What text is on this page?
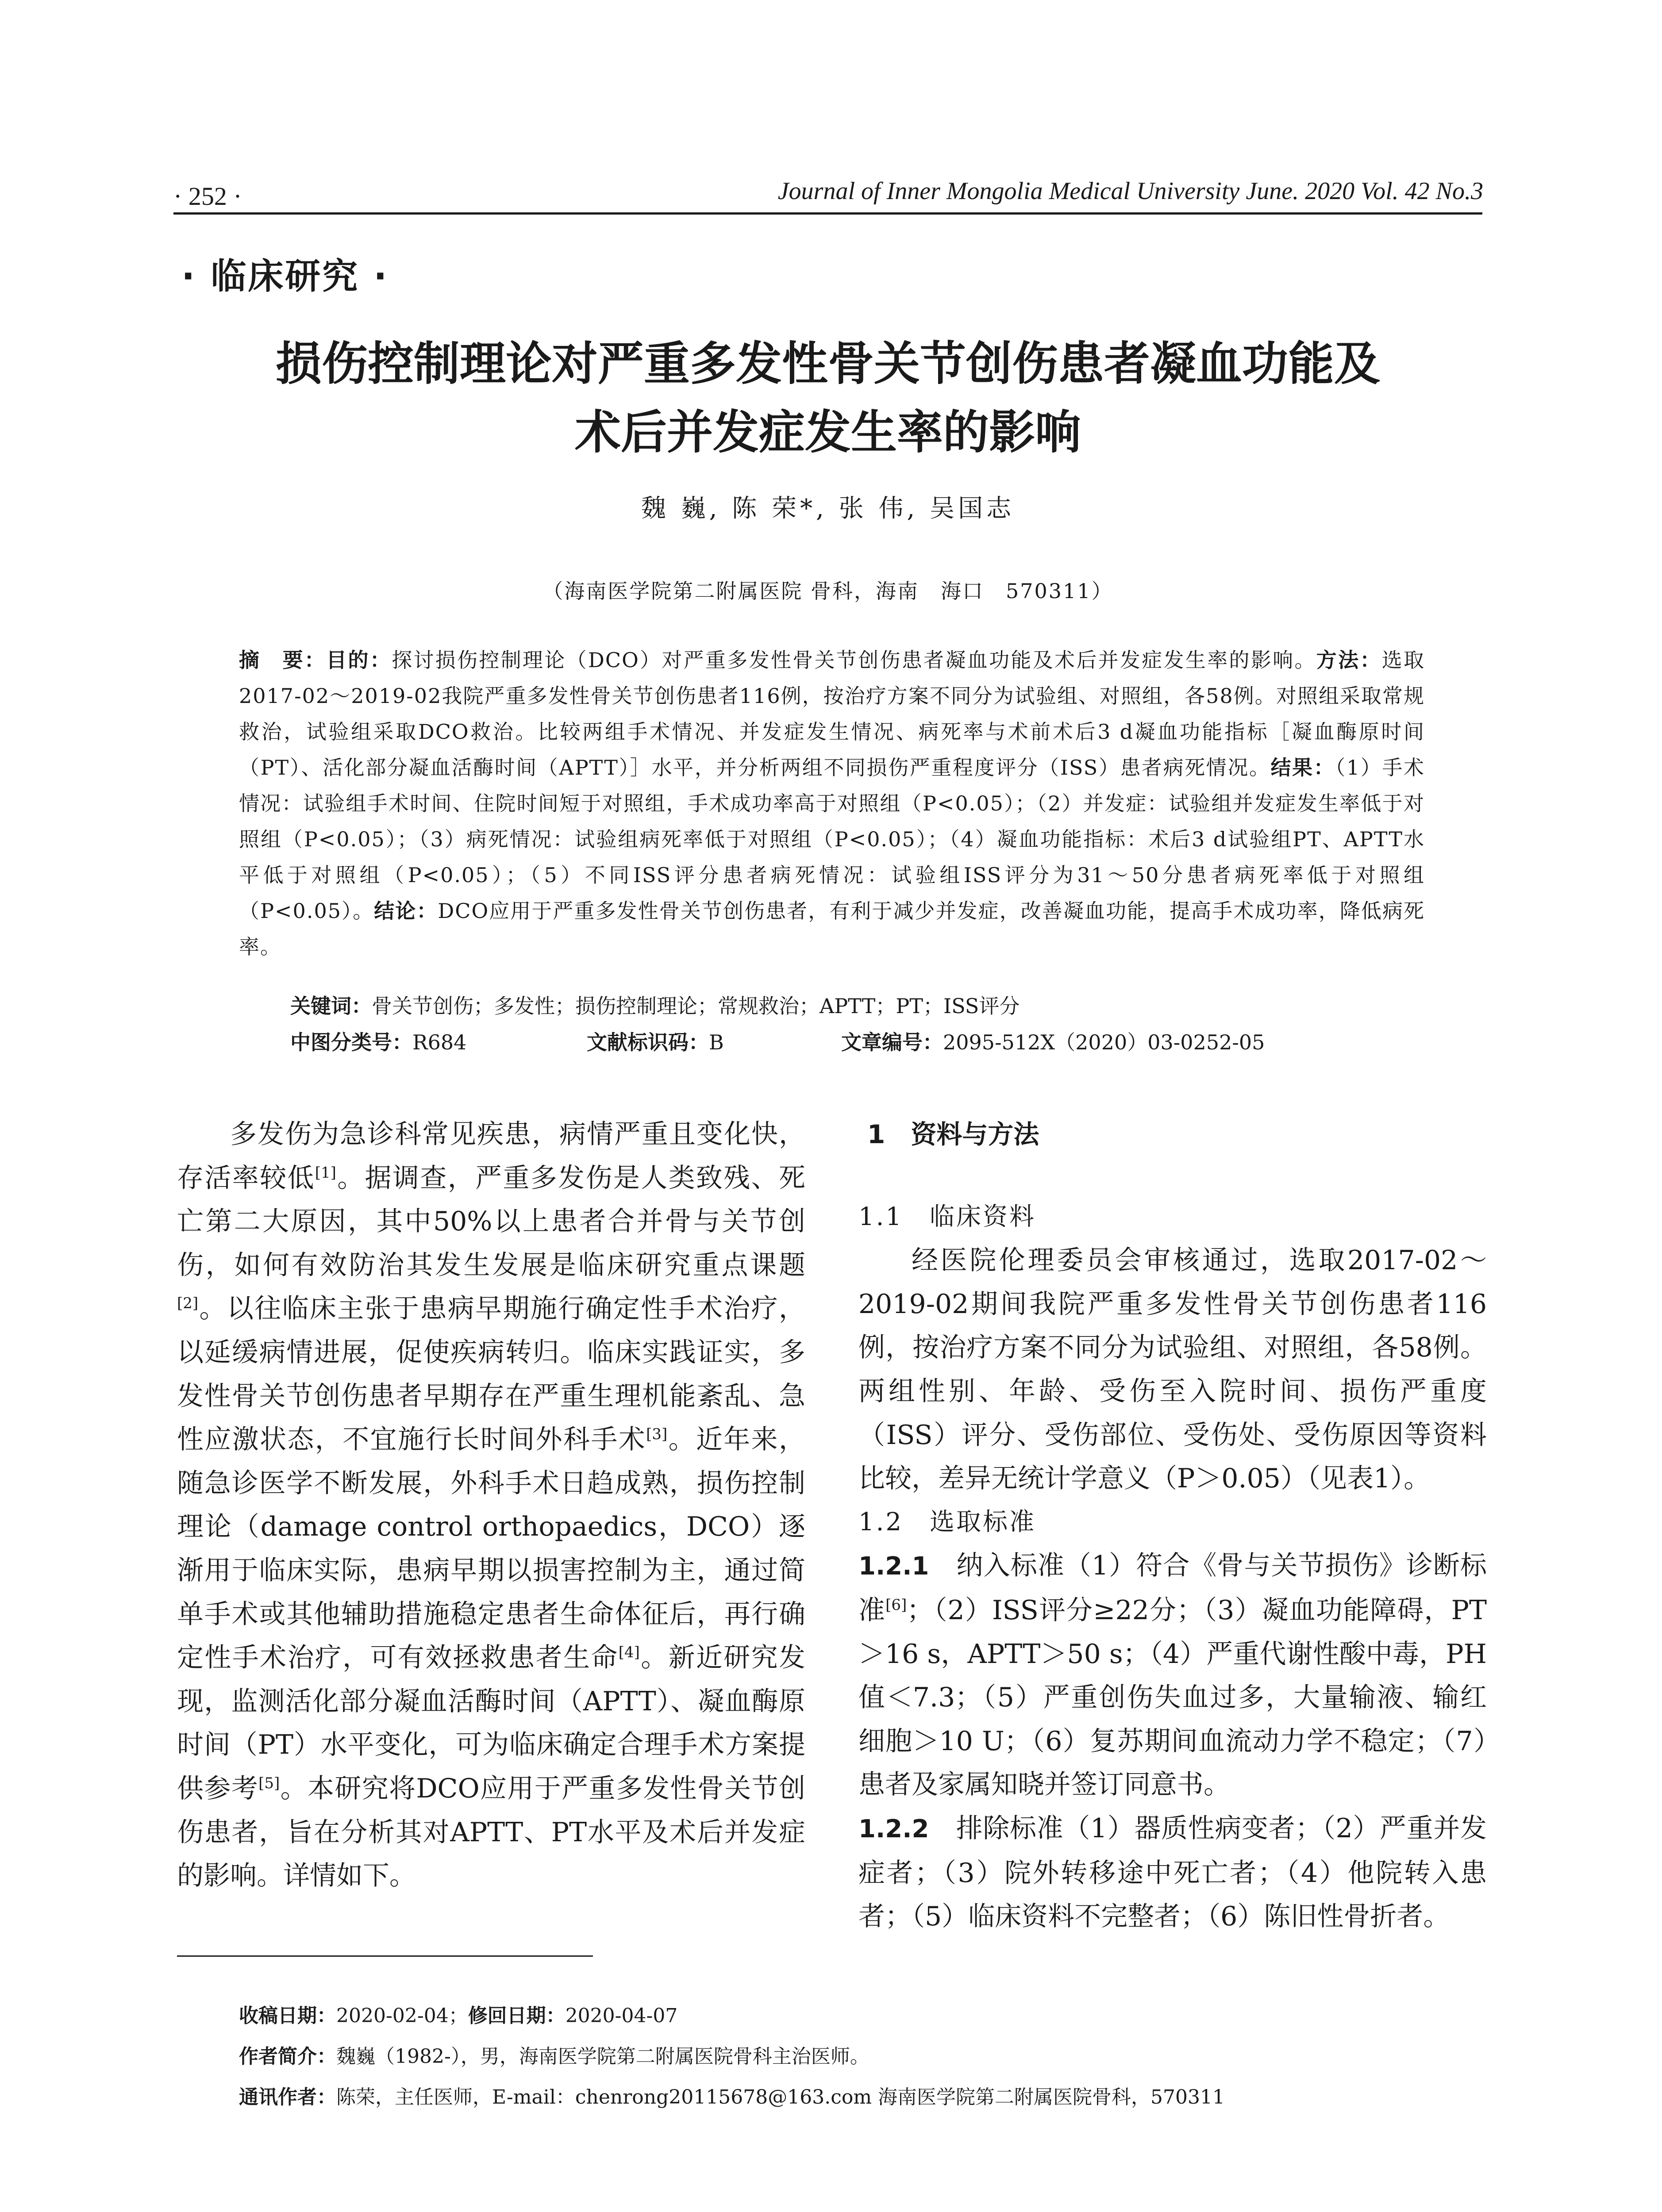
· 252 ·	Journal of Inner Mongolia Medical University June. 2020 Vol. 42 No.3
· 临床研究 ·
损伤控制理论对严重多发性骨关节创伤患者凝血功能及
术后并发症发生率的影响
魏 巍, 陈 荣*, 张 伟, 吴国志
（海南医学院第二附属医院 骨科，海南　海口　570311）
摘　要：目的：探讨损伤控制理论（DCO）对严重多发性骨关节创伤患者凝血功能及术后并发症发生率的影响。方法：选取2017-02～2019-02我院严重多发性骨关节创伤患者116例，按治疗方案不同分为试验组、对照组，各58例。对照组采取常规救治，试验组采取DCO救治。比较两组手术情况、并发症发生情况、病死率与术前术后3 d凝血功能指标［凝血酶原时间（PT）、活化部分凝血活酶时间（APTT）］水平，并分析两组不同损伤严重程度评分（ISS）患者病死情况。结果：（1）手术情况：试验组手术时间、住院时间短于对照组，手术成功率高于对照组（P<0.05）；（2）并发症：试验组并发症发生率低于对照组（P<0.05）；（3）病死情况：试验组病死率低于对照组（P<0.05）；（4）凝血功能指标：术后3 d试验组PT、APTT水平低于对照组（P<0.05）；（5）不同ISS评分患者病死情况：试验组ISS评分为31～50分患者病死率低于对照组（P<0.05）。结论：DCO应用于严重多发性骨关节创伤患者，有利于减少并发症，改善凝血功能，提高手术成功率，降低病死率。
关键词：骨关节创伤；多发性；损伤控制理论；常规救治；APTT；PT；ISS评分
中图分类号：R684	文献标识码：B	文章编号：2095-512X（2020）03-0252-05

多发伤为急诊科常见疾患，病情严重且变化快，存活率较低[1]。据调查，严重多发伤是人类致残、死亡第二大原因，其中50%以上患者合并骨与关节创伤，如何有效防治其发生发展是临床研究重点课题[2]。以往临床主张于患病早期施行确定性手术治疗，以延缓病情进展，促使疾病转归。临床实践证实，多发性骨关节创伤患者早期存在严重生理机能紊乱、急性应激状态，不宜施行长时间外科手术[3]。近年来，随急诊医学不断发展，外科手术日趋成熟，损伤控制理论（damage control orthopaedics，DCO）逐渐用于临床实际，患病早期以损害控制为主，通过简单手术或其他辅助措施稳定患者生命体征后，再行确定性手术治疗，可有效拯救患者生命[4]。新近研究发现，监测活化部分凝血活酶时间（APTT）、凝血酶原时间（PT）水平变化，可为临床确定合理手术方案提供参考[5]。本研究将DCO应用于严重多发性骨关节创伤患者，旨在分析其对APTT、PT水平及术后并发症的影响。详情如下。

1　资料与方法
1.1　临床资料

经医院伦理委员会审核通过，选取2017-02～2019-02期间我院严重多发性骨关节创伤患者116例，按治疗方案不同分为试验组、对照组，各58例。两组性别、年龄、受伤至入院时间、损伤严重度（ISS）评分、受伤部位、受伤处、受伤原因等资料比较，差异无统计学意义（P＞0.05）（见表1）。

1.2　选取标准

1.2.1　纳入标准（1）符合《骨与关节损伤》诊断标准[6]；（2）ISS评分≥22分；（3）凝血功能障碍，PT＞16 s，APTT＞50 s；（4）严重代谢性酸中毒，PH值＜7.3；（5）严重创伤失血过多，大量输液、输红细胞＞10 U；（6）复苏期间血流动力学不稳定；（7）患者及家属知晓并签订同意书。

1.2.2　排除标准（1）器质性病变者；（2）严重并发症者；（3）院外转移途中死亡者；（4）他院转入患者；（5）临床资料不完整者；（6）陈旧性骨折者。

收稿日期：2020-02-04；修回日期：2020-04-07
作者简介：魏巍（1982-），男，海南医学院第二附属医院骨科主治医师。
通讯作者：陈荣，主任医师，E-mail：chenrong20115678@163.com 海南医学院第二附属医院骨科，570311
